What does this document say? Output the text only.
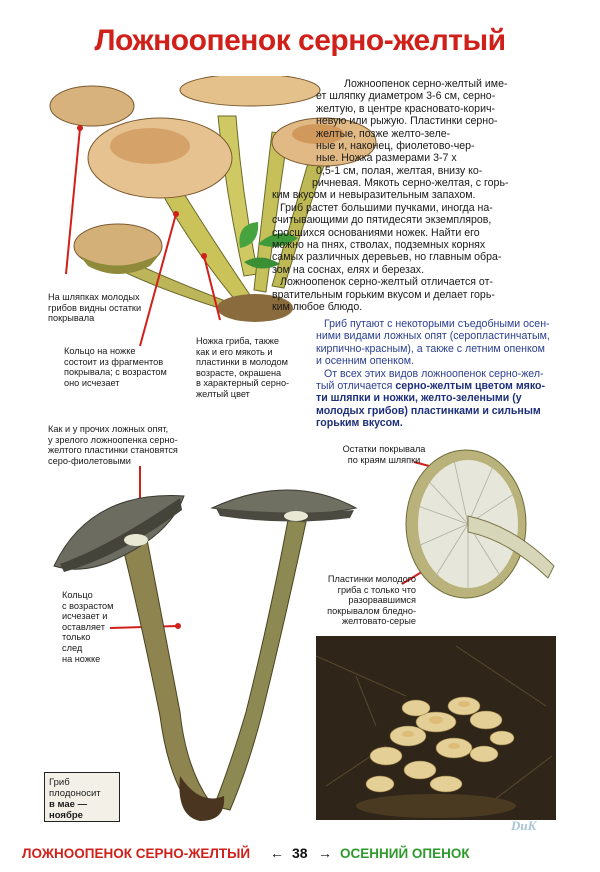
Ложноопенок серно-желтый
Ложноопенок серно-желтый име-
ет шляпку диаметром 3-6 см, серно-
желтую, в центре красновато-корич-
невую или рыжую. Пластинки серно-
желтые, позже желто-зеле-
ные и, наконец, фиолетово-чер-
ные. Ножка размерами 3-7 х
0,5-1 см, полая, желтая, внизу ко-
ричневая. Мякоть серно-желтая, с горь-
ким вкусом и невыразительным запахом.
Гриб растет большими пучками, иногда на-
считывающими до пятидесяти экземпляров,
сросшихся основаниями ножек. Найти его
можно на пнях, стволах, подземных корнях
самых различных деревьев, но главным обра-
зом на соснах, елях и березах.
Ложноопенок серно-желтый отличается от-
вратительным горьким вкусом и делает горь-
ким любое блюдо.
Гриб путают с некоторыми съедобными осен-
ними видами ложных опят (серопластинчатым,
кирпично-красным), а также с летним опенком
и осенним опенком.
От всех этих видов ложноопенок серно-жел-
тый отличается серно-желтым цветом мяко-
ти шляпки и ножки, желто-зелеными (у
молодых грибов) пластинками и сильным
горьким вкусом.
На шляпках молодых
грибов видны остатки
покрывала
Кольцо на ножке
состоит из фрагментов
покрывала; с возрастом
оно исчезает
Ножка гриба, также
как и его мякоть и
пластинки в молодом
возрасте, окрашена
в характерный серно-
желтый цвет
Как и у прочих ложных опят,
у зрелого ложноопенка серно-
желтого пластинки становятся
серо-фиолетовыми
Кольцо
с возрастом
исчезает и
оставляет
только
след
на ножке
Остатки покрывала
по краям шляпки
Пластинки молодого
гриба с только что
разорвавшимся
покрывалом бледно-
желтовато-серые
Гриб
плодоносит
в мае —
ноябре
DuK
ЛОЖНООПЕНОК СЕРНО-ЖЕЛТЫЙ ← 38 → ОСЕННИЙ ОПЕНОК
